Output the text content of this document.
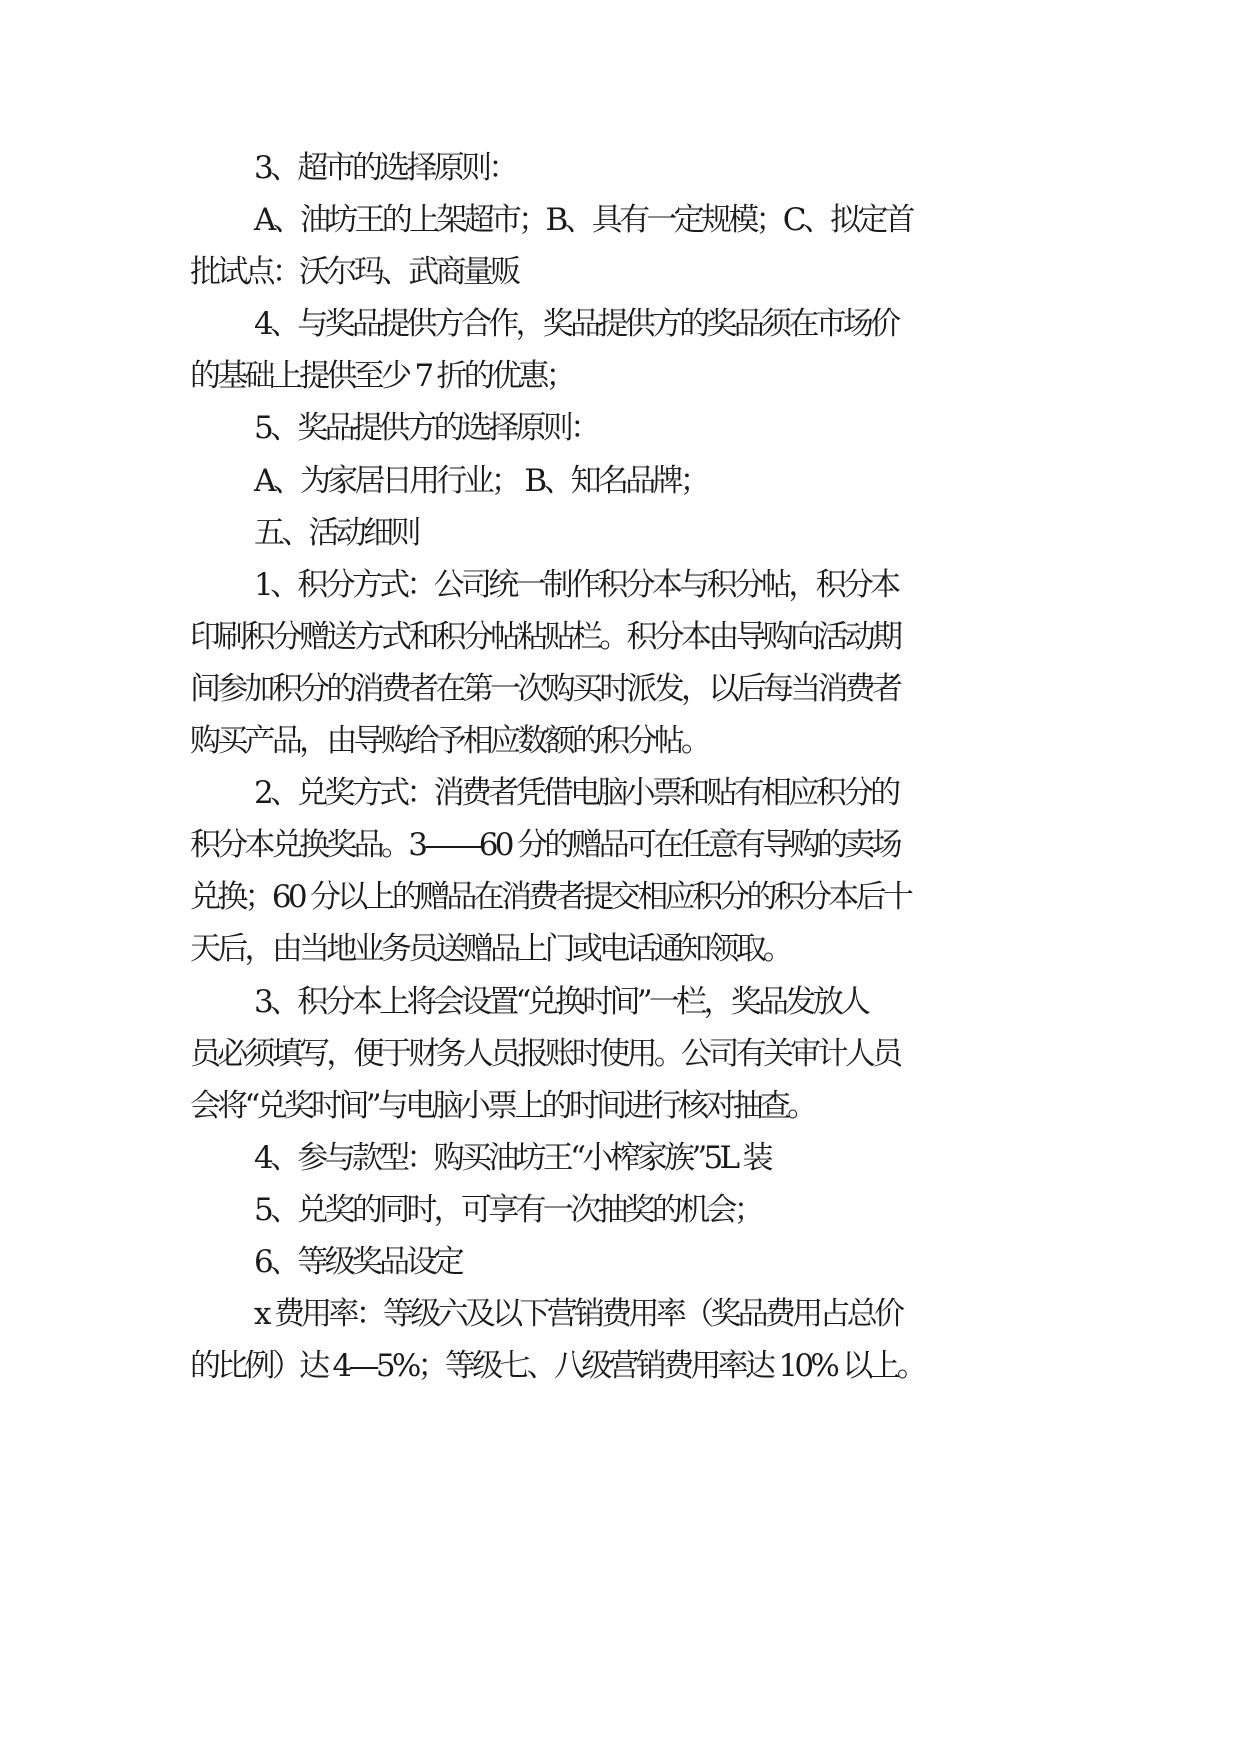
3、超市的选择原则：
A、油坊王的上架超市；B、具有一定规模；C、拟定首
批试点：沃尔玛、武商量贩
4、与奖品提供方合作，奖品提供方的奖品须在市场价
的基础上提供至少 7 折的优惠；
5、奖品提供方的选择原则：
A、为家居日用行业； B、知名品牌；
五、活动细则
1、积分方式：公司统一制作积分本与积分帖，积分本
印刷积分赠送方式和积分帖粘贴栏。积分本由导购向活动期
间参加积分的消费者在第一次购买时派发，以后每当消费者
购买产品，由导购给予相应数额的积分帖。
2、兑奖方式：消费者凭借电脑小票和贴有相应积分的
积分本兑换奖品。3——60 分的赠品可在任意有导购的卖场
兑换；60 分以上的赠品在消费者提交相应积分的积分本后十
天后，由当地业务员送赠品上门或电话通知领取。
3、积分本上将会设置“兑换时间”一栏，奖品发放人
员必须填写，便于财务人员报账时使用。公司有关审计人员
会将“兑奖时间”与电脑小票上的时间进行核对抽查。
4、参与款型：购买油坊王“小榨家族”5L 装
5、兑奖的同时，可享有一次抽奖的机会；
6、等级奖品设定
x 费用率：等级六及以下营销费用率（奖品费用占总价
的比例）达 4—5%；等级七、八级营销费用率达 10% 以上。
